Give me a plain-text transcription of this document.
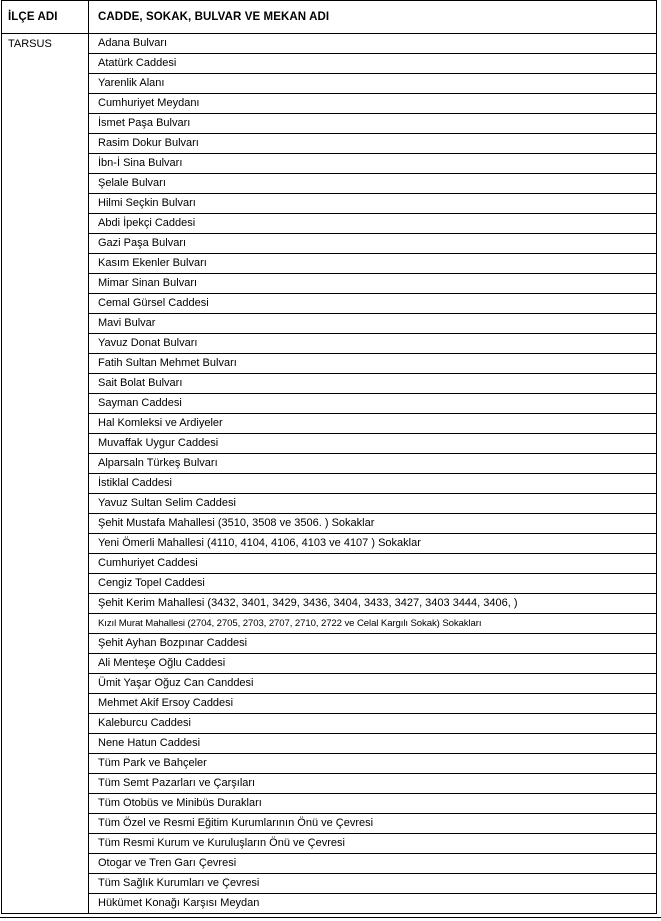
İLÇE ADI	CADDE, SOKAK, BULVAR VE MEKAN ADI
TARSUS	Adana Bulvarı
	Atatürk Caddesi
	Yarenlik Alanı
	Cumhuriyet Meydanı
	İsmet Paşa Bulvarı
	Rasim Dokur Bulvarı
	İbn-İ Sina Bulvarı
	Şelale Bulvarı
	Hilmi Seçkin Bulvarı
	Abdi İpekçi Caddesi
	Gazi Paşa Bulvarı
	Kasım Ekenler Bulvarı
	Mimar Sinan Bulvarı
	Cemal Gürsel Caddesi
	Mavi Bulvar
	Yavuz Donat Bulvarı
	Fatih Sultan Mehmet Bulvarı
	Sait Bolat Bulvarı
	Sayman Caddesi
	Hal Komleksi ve Ardiyeler
	Muvaffak Uygur Caddesi
	Alparsaln Türkeş Bulvarı
	İstiklal Caddesi
	Yavuz Sultan Selim Caddesi
	Şehit Mustafa Mahallesi (3510, 3508 ve 3506. ) Sokaklar
	Yeni Ömerli Mahallesi (4110, 4104, 4106, 4103 ve 4107 ) Sokaklar
	Cumhuriyet Caddesi
	Cengiz Topel Caddesi
	Şehit Kerim Mahallesi (3432, 3401, 3429, 3436, 3404, 3433, 3427, 3403 3444, 3406, )
	Kızıl Murat Mahallesi (2704, 2705, 2703, 2707, 2710, 2722 ve Celal Kargılı Sokak) Sokakları
	Şehit Ayhan Bozpınar Caddesi
	Ali Menteşe Oğlu Caddesi
	Ümit Yaşar Oğuz Can Canddesi
	Mehmet Akif Ersoy Caddesi
	Kaleburcu Caddesi
	Nene Hatun Caddesi
	Tüm Park ve Bahçeler
	Tüm Semt Pazarları ve Çarşıları
	Tüm Otobüs ve Minibüs Durakları
	Tüm Özel ve Resmi Eğitim Kurumlarının Önü ve Çevresi
	Tüm Resmi Kurum ve Kuruluşların Önü ve Çevresi
	Otogar ve Tren Garı Çevresi
	Tüm Sağlık Kurumları ve Çevresi
	Hükümet Konağı Karşısı Meydan
